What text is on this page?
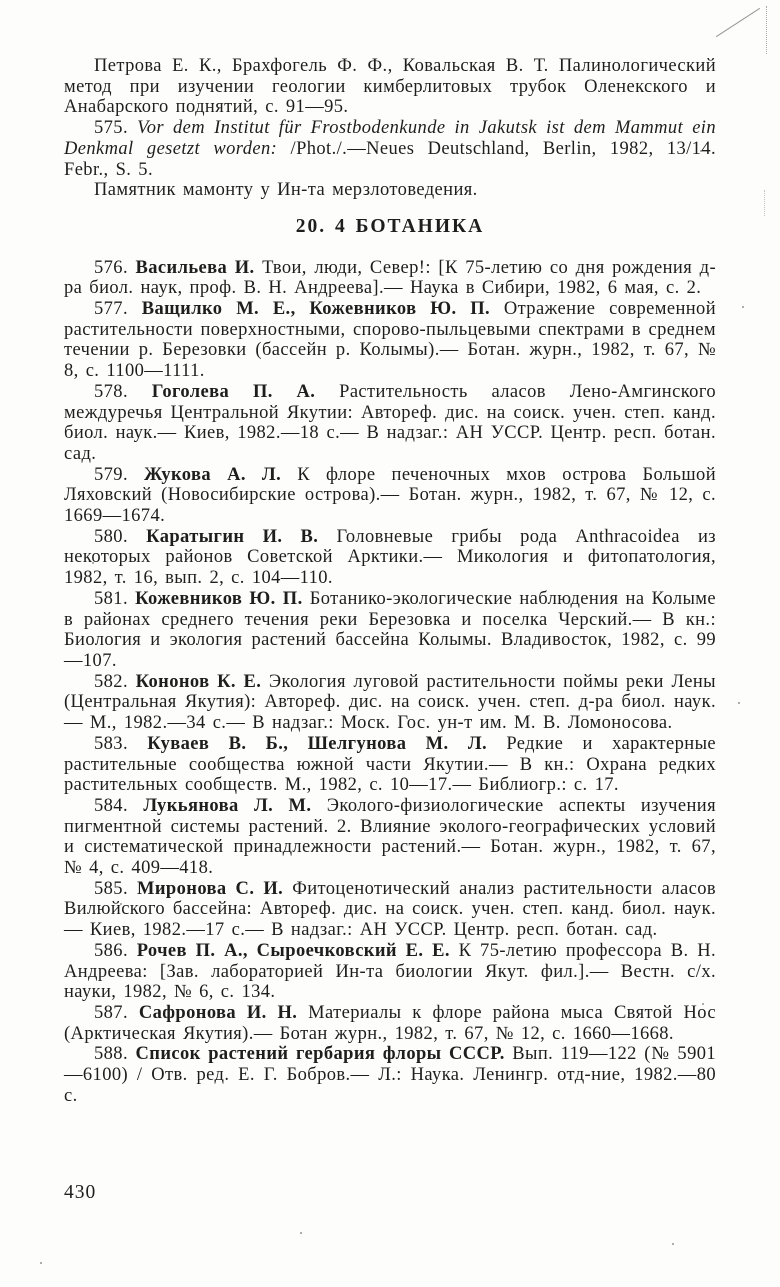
Петрова Е. К., Брахфогель Ф. Ф., Ковальская В. Т. Палинологический метод при изучении геологии кимберлитовых трубок Оленекского и Анабарского поднятий, с. 91—95.

575. Vor dem Institut für Frostbodenkunde in Jakutsk ist dem Mammut ein Denkmal gesetzt worden: /Phot./.—Neues Deutschland, Berlin, 1982, 13/14. Febr., S. 5.

Памятник мамонту у Ин-та мерзлотоведения.

20. 4 БОТАНИКА

576. Васильева И. Твои, люди, Север!: [К 75-летию со дня рождения д-ра биол. наук, проф. В. Н. Андреева].— Наука в Сибири, 1982, 6 мая, с. 2.

577. Ващилко М. Е., Кожевников Ю. П. Отражение современной растительности поверхностными, спорово-пыльцевыми спектрами в среднем течении р. Березовки (бассейн р. Колымы).— Ботан. журн., 1982, т. 67, № 8, с. 1100—1111.

578. Гоголева П. А. Растительность аласов Лено-Амгинского междуречья Центральной Якутии: Автореф. дис. на соиск. учен. степ. канд. биол. наук.— Киев, 1982.—18 с.— В надзаг.: АН УССР. Центр. респ. ботан. сад.

579. Жукова А. Л. К флоре печеночных мхов острова Большой Ляховский (Новосибирские острова).— Ботан. журн., 1982, т. 67, № 12, с. 1669—1674.

580. Каратыгин И. В. Головневые грибы рода Anthracoidea из некоторых районов Советской Арктики.— Микология и фитопатология, 1982, т. 16, вып. 2, с. 104—110.

581. Кожевников Ю. П. Ботанико-экологические наблюдения на Колыме в районах среднего течения реки Березовка и поселка Черский.— В кн.: Биология и экология растений бассейна Колымы. Владивосток, 1982, с. 99—107.

582. Кононов К. Е. Экология луговой растительности поймы реки Лены (Центральная Якутия): Автореф. дис. на соиск. учен. степ. д-ра биол. наук.— М., 1982.—34 с.— В надзаг.: Моск. Гос. ун-т им. М. В. Ломоносова.

583. Куваев В. Б., Шелгунова М. Л. Редкие и характерные растительные сообщества южной части Якутии.— В кн.: Охрана редких растительных сообществ. М., 1982, с. 10—17.— Библиогр.: с. 17.

584. Лукьянова Л. М. Эколого-физиологические аспекты изучения пигментной системы растений. 2. Влияние эколого-географических условий и систематической принадлежности растений.— Ботан. журн., 1982, т. 67, № 4, с. 409—418.

585. Миронова С. И. Фитоценотический анализ растительности аласов Вилюйского бассейна: Автореф. дис. на соиск. учен. степ. канд. биол. наук.— Киев, 1982.—17 с.— В надзаг.: АН УССР. Центр. респ. ботан. сад.

586. Рочев П. А., Сыроечковский Е. Е. К 75-летию профессора В. Н. Андреева: [Зав. лабораторией Ин-та биологии Якут. фил.].— Вестн. с/х. науки, 1982, № 6, с. 134.

587. Сафронова И. Н. Материалы к флоре района мыса Святой Нос (Арктическая Якутия).— Ботан журн., 1982, т. 67, № 12, с. 1660—1668.

588. Список растений гербария флоры СССР. Вып. 119—122 (№ 5901—6100) / Отв. ред. Е. Г. Бобров.— Л.: Наука. Ленингр. отд-ние, 1982.—80 с.

430
